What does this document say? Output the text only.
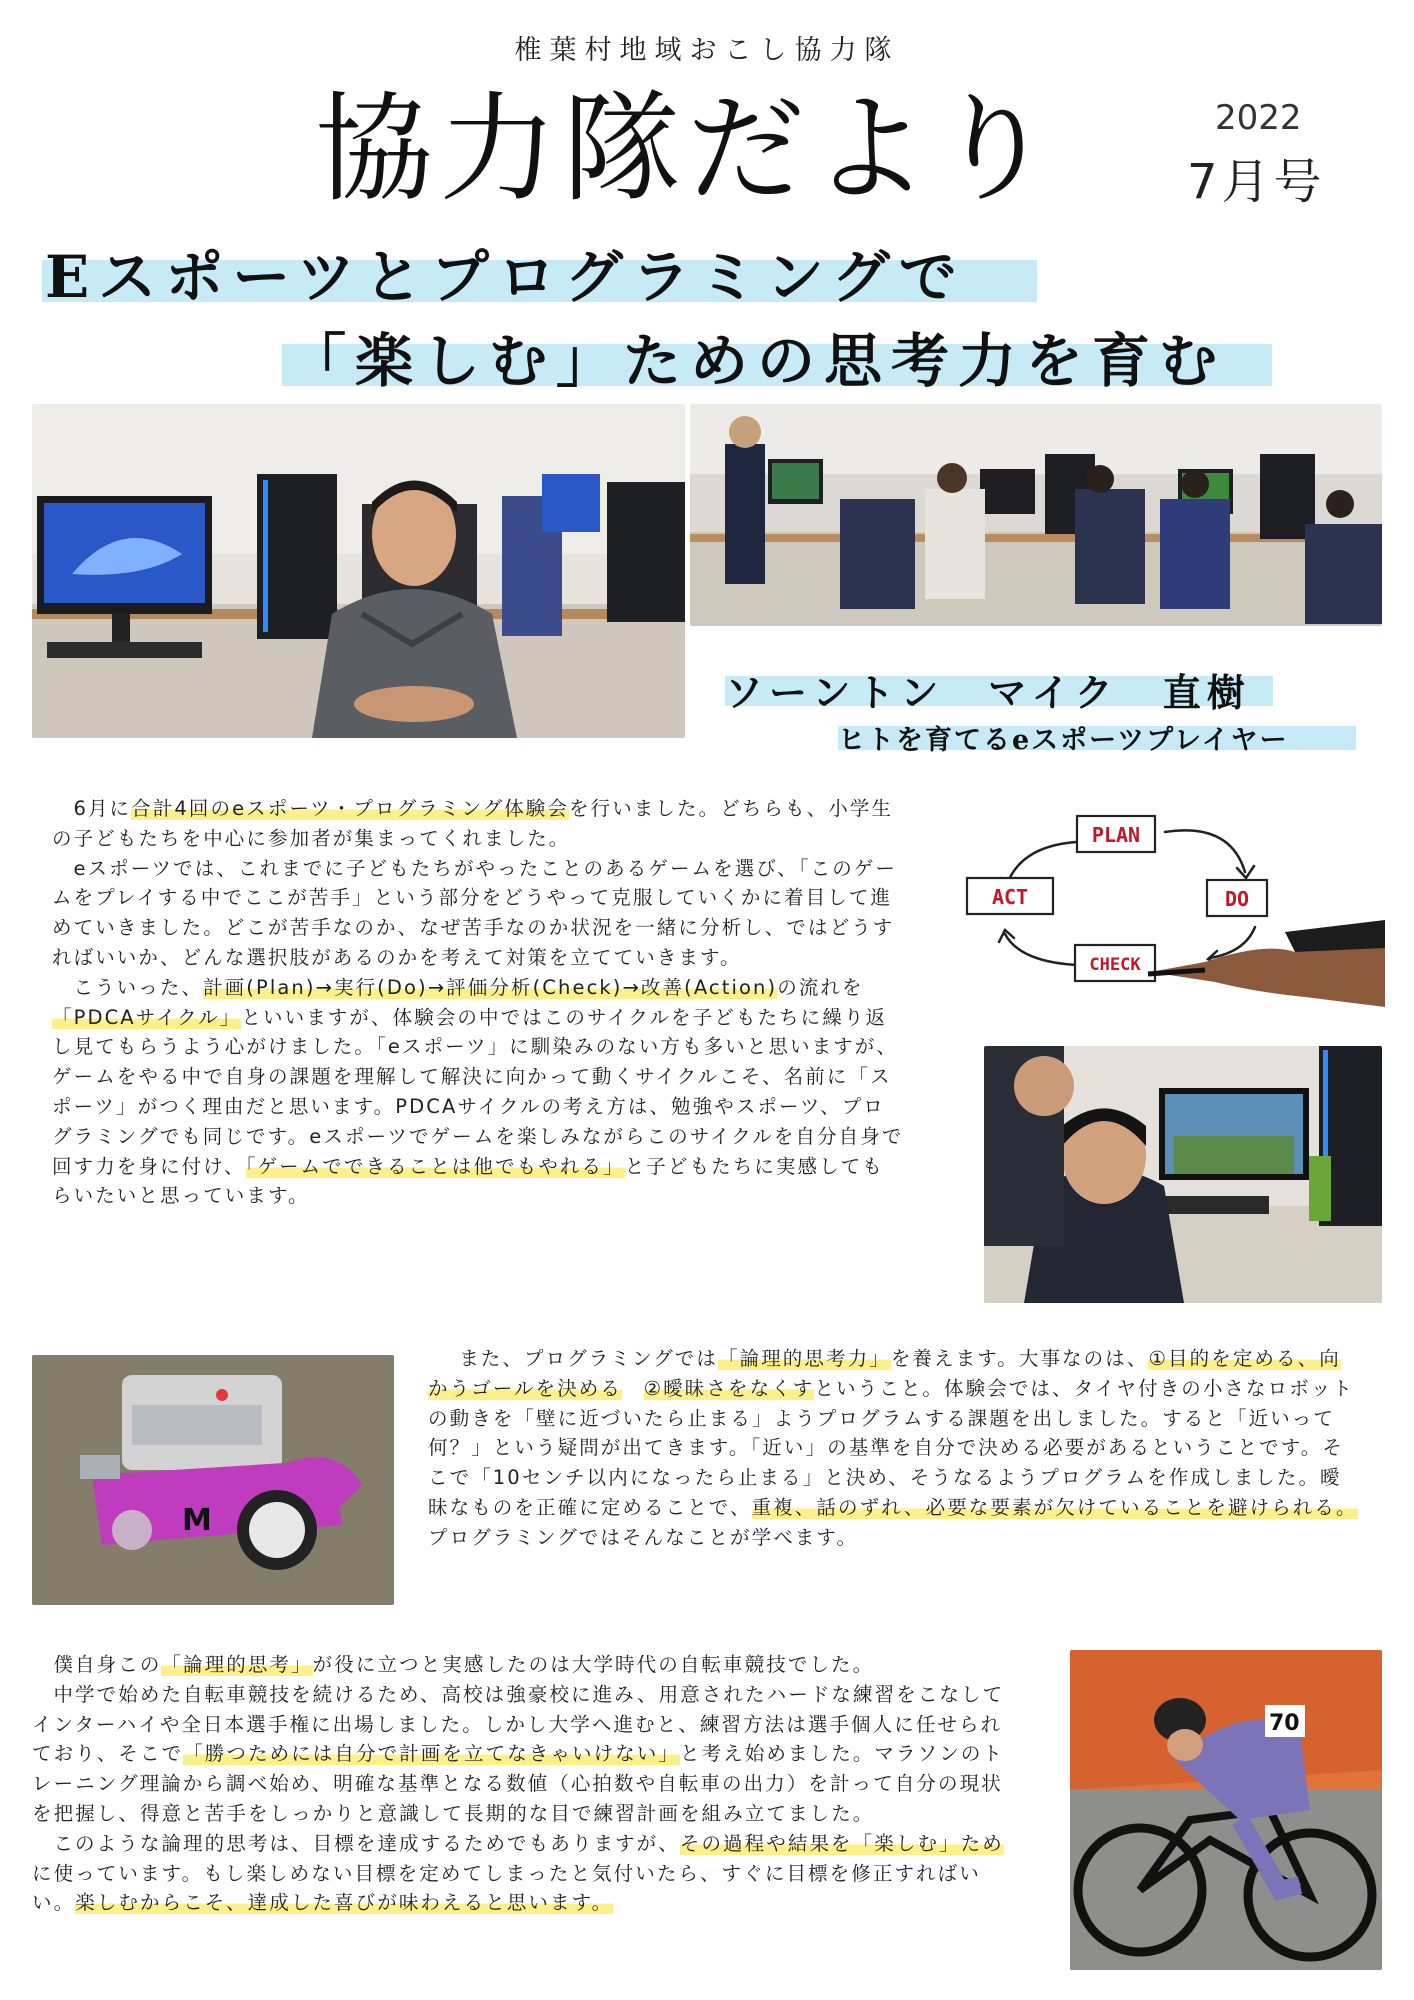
椎葉村地域おこし協力隊
協力隊だより	2022
7月号
Eスポーツとプログラミングで
「楽しむ」ための思考力を育む
ソーントン　マイク　直樹
ヒトを育てるeスポーツプレイヤー

6月に合計4回のeスポーツ・プログラミング体験会を行いました。どちらも、小学生の子どもたちを中心に参加者が集まってくれました。

eスポーツでは、これまでに子どもたちがやったことのあるゲームを選び、「このゲームをプレイする中でここが苦手」という部分をどうやって克服していくかに着目して進めていきました。どこが苦手なのか、なぜ苦手なのか状況を一緒に分析し、ではどうすればいいか、どんな選択肢があるのかを考えて対策を立てていきます。

こういった、計画(Plan)→実行(Do)→評価分析(Check)→改善(Action)の流れを「PDCAサイクル」といいますが、体験会の中ではこのサイクルを子どもたちに繰り返し見てもらうよう心がけました。「eスポーツ」に馴染みのない方も多いと思いますが、ゲームをやる中で自身の課題を理解して解決に向かって動くサイクルこそ、名前に「スポーツ」がつく理由だと思います。PDCAサイクルの考え方は、勉強やスポーツ、プログラミングでも同じです。eスポーツでゲームを楽しみながらこのサイクルを自分自身で回す力を身に付け、「ゲームでできることは他でもやれる」と子どもたちに実感してもらいたいと思っています。

PLAN
DO
CHECK
ACT
M

また、プログラミングでは「論理的思考力」を養えます。大事なのは、①目的を定める、向かうゴールを決める　 ②曖昧さをなくすということ。体験会では、タイヤ付きの小さなロボットの動きを「壁に近づいたら止まる」ようプログラムする課題を出しました。すると「近いって何？」という疑問が出てきます。「近い」の基準を自分で決める必要があるということです。そこで「10センチ以内になったら止まる」と決め、そうなるようプログラムを作成しました。曖昧なものを正確に定めることで、重複、話のずれ、必要な要素が欠けていることを避けられる。プログラミングではそんなことが学べます。

僕自身この「論理的思考」が役に立つと実感したのは大学時代の自転車競技でした。

中学で始めた自転車競技を続けるため、高校は強豪校に進み、用意されたハードな練習をこなしてインターハイや全日本選手権に出場しました。しかし大学へ進むと、練習方法は選手個人に任せられており、そこで「勝つためには自分で計画を立てなきゃいけない」と考え始めました。マラソンのトレーニング理論から調べ始め、明確な基準となる数値（心拍数や自転車の出力）を計って自分の現状を把握し、得意と苦手をしっかりと意識して長期的な目で練習計画を組み立てました。

このような論理的思考は、目標を達成するためでもありますが、その過程や結果を「楽しむ」ために使っています。もし楽しめない目標を定めてしまったと気付いたら、すぐに目標を修正すればいい。楽しむからこそ、達成した喜びが味わえると思います。

70
